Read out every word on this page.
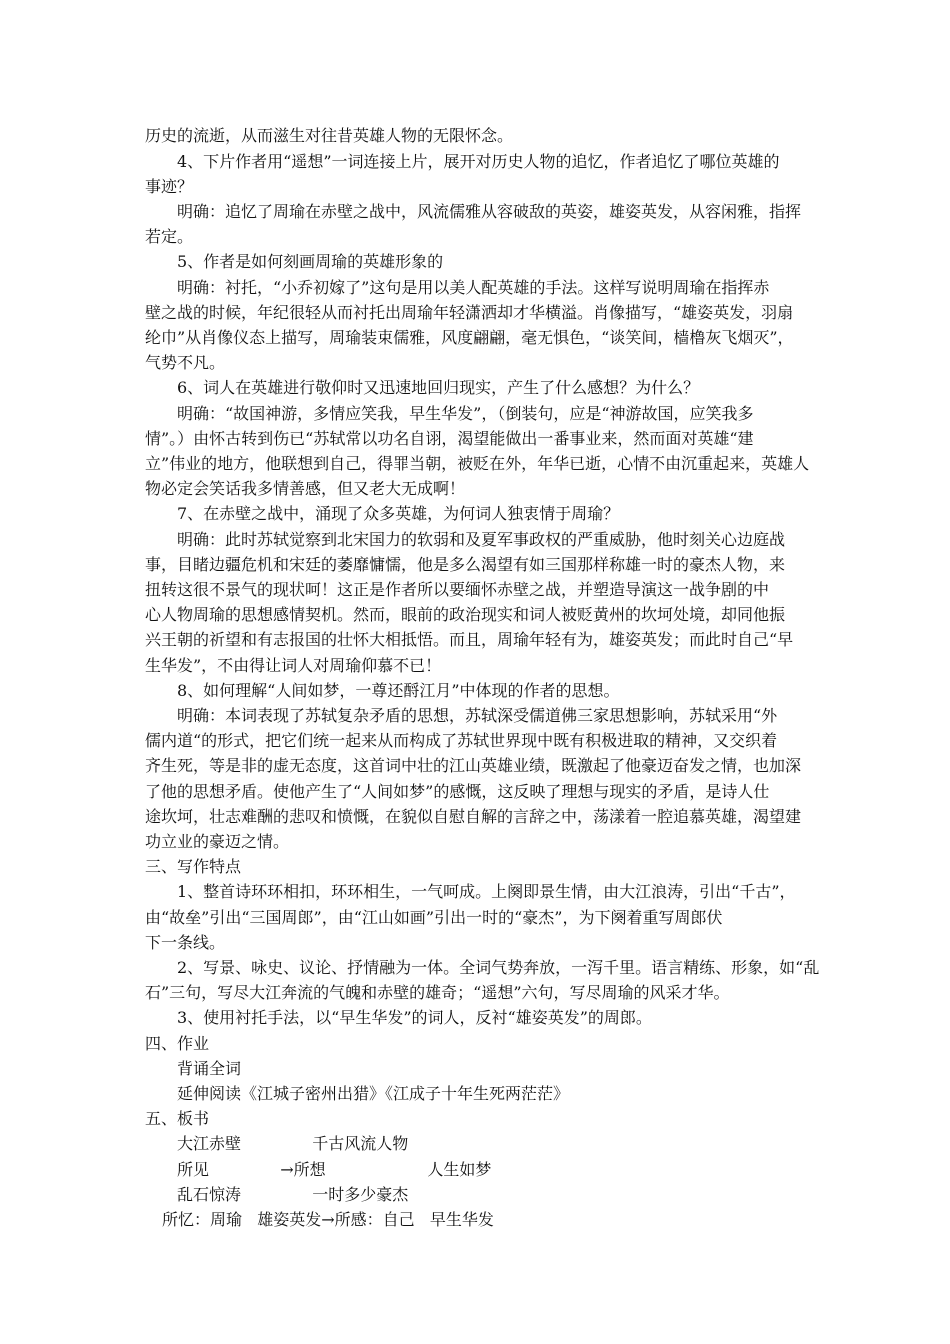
历史的流逝，从而滋生对往昔英雄人物的无限怀念。
4、下片作者用“遥想”一词连接上片，展开对历史人物的追忆，作者追忆了哪位英雄的
事迹？
明确：追忆了周瑜在赤壁之战中，风流儒雅从容破敌的英姿，雄姿英发，从容闲雅，指挥
若定。
5、作者是如何刻画周瑜的英雄形象的
明确：衬托，“小乔初嫁了”这句是用以美人配英雄的手法。这样写说明周瑜在指挥赤
壁之战的时候，年纪很轻从而衬托出周瑜年轻潇洒却才华横溢。肖像描写，“雄姿英发，羽扇
纶巾”从肖像仪态上描写，周瑜装束儒雅，风度翩翩，毫无惧色，“谈笑间，樯橹灰飞烟灭”，
气势不凡。
6、词人在英雄进行敬仰时又迅速地回归现实，产生了什么感想？为什么？
明确：“故国神游，多情应笑我，早生华发”，（倒装句，应是“神游故国，应笑我多
情”。）由怀古转到伤已“苏轼常以功名自诩，渴望能做出一番事业来，然而面对英雄“建
立”伟业的地方，他联想到自己，得罪当朝，被贬在外，年华已逝，心情不由沉重起来，英雄人
物必定会笑话我多情善感，但又老大无成啊！
7、在赤壁之战中，涌现了众多英雄，为何词人独衷情于周瑜？
明确：此时苏轼觉察到北宋国力的软弱和及夏军事政权的严重威胁，他时刻关心边庭战
事，目睹边疆危机和宋廷的萎靡慵懦，他是多么渴望有如三国那样称雄一时的豪杰人物，来
扭转这很不景气的现状呵！这正是作者所以要缅怀赤壁之战，并塑造导演这一战争剧的中
心人物周瑜的思想感情契机。然而，眼前的政治现实和词人被贬黄州的坎坷处境，却同他振
兴王朝的祈望和有志报国的壮怀大相抵悟。而且，周瑜年轻有为，雄姿英发；而此时自己“早
生华发”，不由得让词人对周瑜仰慕不已！
8、如何理解“人间如梦，一尊还酹江月”中体现的作者的思想。
明确：本词表现了苏轼复杂矛盾的思想，苏轼深受儒道佛三家思想影响，苏轼采用“外
儒内道“的形式，把它们统一起来从而构成了苏轼世界现中既有积极进取的精神，又交织着
齐生死，等是非的虚无态度，这首词中壮的江山英雄业绩，既激起了他豪迈奋发之情，也加深
了他的思想矛盾。使他产生了“人间如梦”的感慨，这反映了理想与现实的矛盾，是诗人仕
途坎坷，壮志难酬的悲叹和愤慨，在貌似自慰自解的言辞之中，荡漾着一腔追慕英雄，渴望建
功立业的豪迈之情。
三、写作特点
1、整首诗环环相扣，环环相生，一气呵成。上阕即景生情，由大江浪涛，引出“千古”，
由“故垒”引出“三国周郎”，由“江山如画”引出一时的“豪杰”，为下阕着重写周郎伏
下一条线。
2、写景、咏史、议论、抒情融为一体。全词气势奔放，一泻千里。语言精练、形象，如“乱
石”三句，写尽大江奔流的气魄和赤壁的雄奇；“遥想”六句，写尽周瑜的风采才华。
3、使用衬托手法，以“早生华发”的词人，反衬“雄姿英发”的周郎。
四、作业
背诵全词
延伸阅读《江城子密州出猎》《江成子十年生死两茫茫》
五、板书
大江赤壁              千古风流人物
所见              →所想                    人生如梦
乱石惊涛              一时多少豪杰
所忆：周瑜   雄姿英发→所感：自己   早生华发
